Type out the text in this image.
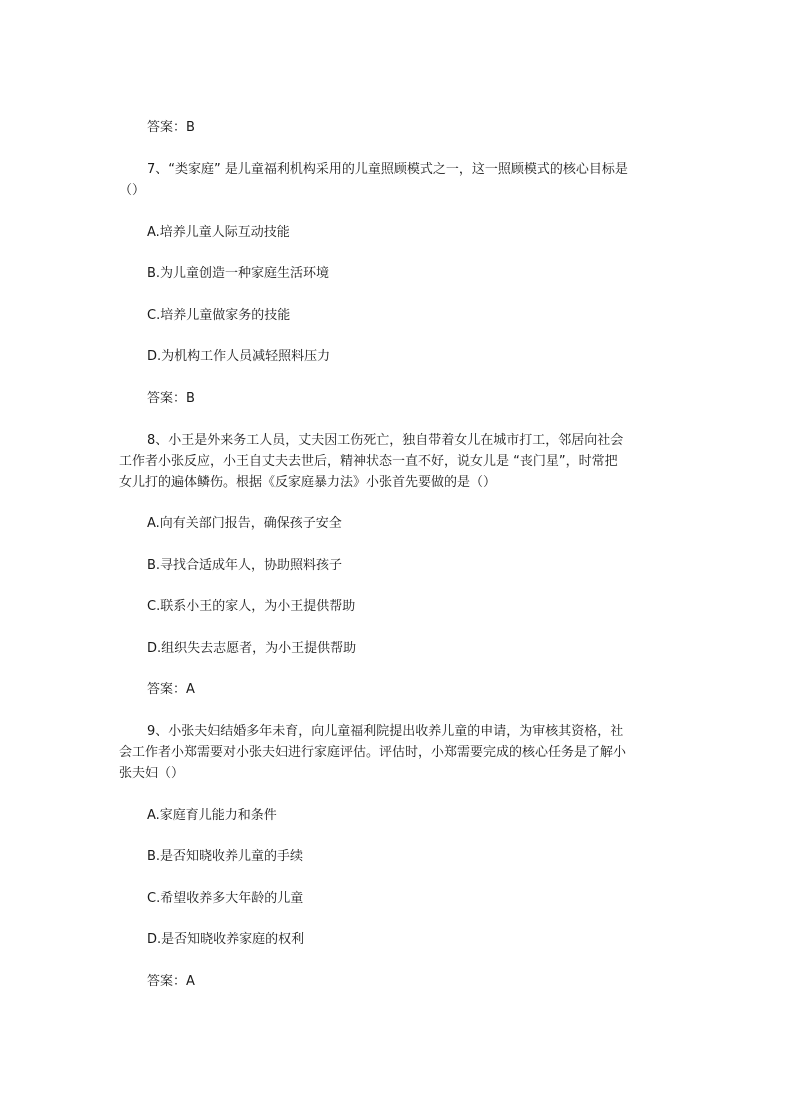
答案：B
7、“类家庭” 是儿童福利机构采用的儿童照顾模式之一，这一照顾模式的核心目标是
（）
A.培养儿童人际互动技能
B.为儿童创造一种家庭生活环境
C.培养儿童做家务的技能
D.为机构工作人员减轻照料压力
答案：B
8、小王是外来务工人员，丈夫因工伤死亡，独自带着女儿在城市打工，邻居向社会
工作者小张反应，小王自丈夫去世后，精神状态一直不好，说女儿是 “丧门星”，时常把
女儿打的遍体鳞伤。根据《反家庭暴力法》小张首先要做的是（）
A.向有关部门报告，确保孩子安全
B.寻找合适成年人，协助照料孩子
C.联系小王的家人，为小王提供帮助
D.组织失去志愿者，为小王提供帮助
答案：A
9、小张夫妇结婚多年未育，向儿童福利院提出收养儿童的申请，为审核其资格，社
会工作者小郑需要对小张夫妇进行家庭评估。评估时，小郑需要完成的核心任务是了解小
张夫妇（）
A.家庭育儿能力和条件
B.是否知晓收养儿童的手续
C.希望收养多大年龄的儿童
D.是否知晓收养家庭的权利
答案：A
